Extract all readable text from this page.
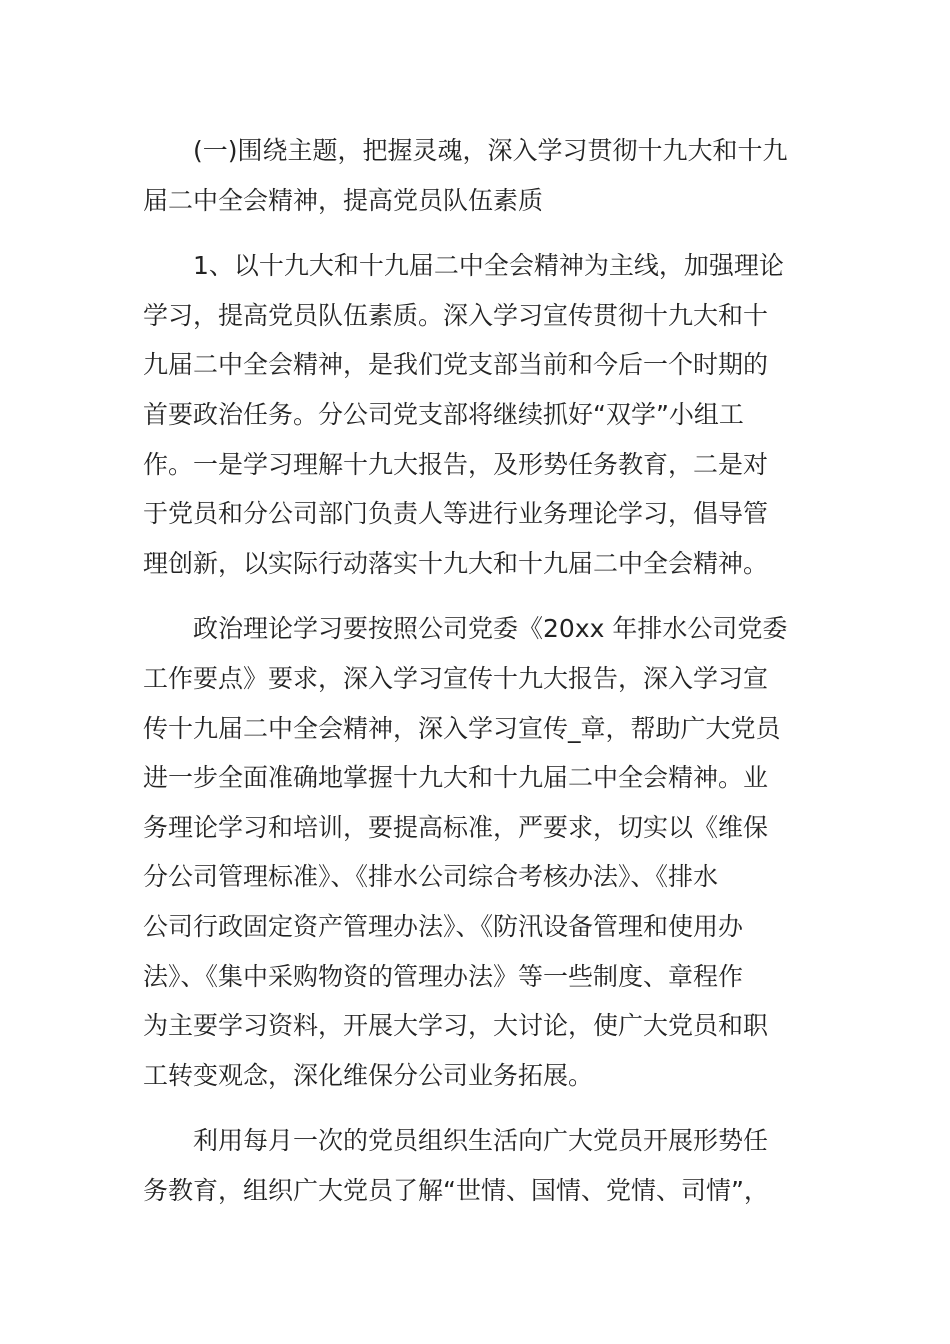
(一)围绕主题，把握灵魂，深入学习贯彻十九大和十九
届二中全会精神，提高党员队伍素质

1、以十九大和十九届二中全会精神为主线，加强理论
学习，提高党员队伍素质。深入学习宣传贯彻十九大和十
九届二中全会精神，是我们党支部当前和今后一个时期的
首要政治任务。分公司党支部将继续抓好“双学”小组工
作。一是学习理解十九大报告，及形势任务教育，二是对
于党员和分公司部门负责人等进行业务理论学习，倡导管
理创新，以实际行动落实十九大和十九届二中全会精神。

政治理论学习要按照公司党委《20xx 年排水公司党委
工作要点》要求，深入学习宣传十九大报告，深入学习宣
传十九届二中全会精神，深入学习宣传_章，帮助广大党员
进一步全面准确地掌握十九大和十九届二中全会精神。业
务理论学习和培训，要提高标准，严要求，切实以《维保
分公司管理标准》、《排水公司综合考核办法》、《排水
公司行政固定资产管理办法》、《防汛设备管理和使用办
法》、《集中采购物资的管理办法》等一些制度、章程作
为主要学习资料，开展大学习，大讨论，使广大党员和职
工转变观念，深化维保分公司业务拓展。

利用每月一次的党员组织生活向广大党员开展形势任
务教育，组织广大党员了解“世情、国情、党情、司情”，
